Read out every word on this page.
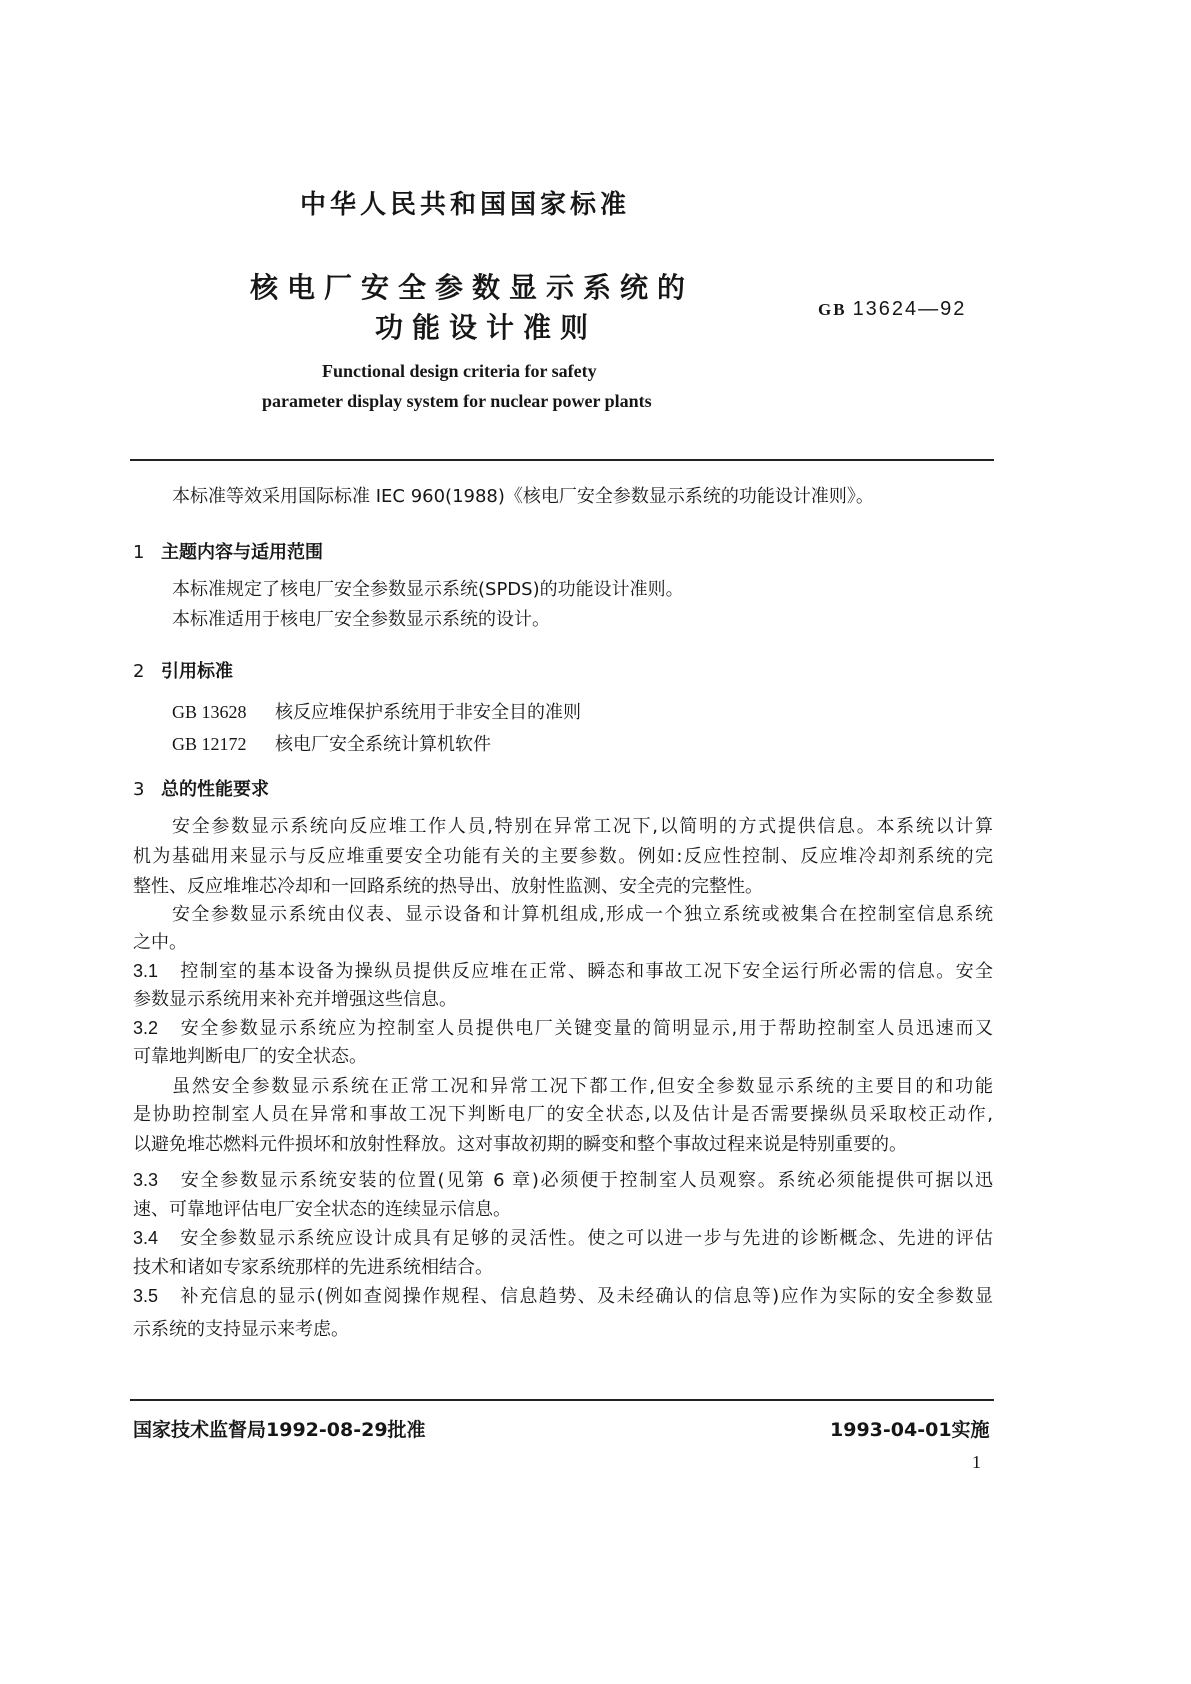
中华人民共和国国家标准
核电厂安全参数显示系统的
功能设计准则
GB 13624—92
Functional design criteria for safety
parameter display system for nuclear power plants
本标准等效采用国际标准 IEC 960(1988)《核电厂安全参数显示系统的功能设计准则》。
1 主题内容与适用范围
本标准规定了核电厂安全参数显示系统(SPDS)的功能设计准则。
本标准适用于核电厂安全参数显示系统的设计。
2 引用标准
GB 13628 核反应堆保护系统用于非安全目的准则
GB 12172 核电厂安全系统计算机软件
3 总的性能要求
安全参数显示系统向反应堆工作人员,特别在异常工况下,以简明的方式提供信息。本系统以计算
机为基础用来显示与反应堆重要安全功能有关的主要参数。例如:反应性控制、反应堆冷却剂系统的完
整性、反应堆堆芯冷却和一回路系统的热导出、放射性监测、安全壳的完整性。
安全参数显示系统由仪表、显示设备和计算机组成,形成一个独立系统或被集合在控制室信息系统
之中。
3.1 控制室的基本设备为操纵员提供反应堆在正常、瞬态和事故工况下安全运行所必需的信息。安全
参数显示系统用来补充并增强这些信息。
3.2 安全参数显示系统应为控制室人员提供电厂关键变量的简明显示,用于帮助控制室人员迅速而又
可靠地判断电厂的安全状态。
虽然安全参数显示系统在正常工况和异常工况下都工作,但安全参数显示系统的主要目的和功能
是协助控制室人员在异常和事故工况下判断电厂的安全状态,以及估计是否需要操纵员采取校正动作,
以避免堆芯燃料元件损坏和放射性释放。这对事故初期的瞬变和整个事故过程来说是特别重要的。
3.3 安全参数显示系统安装的位置(见第 6 章)必须便于控制室人员观察。系统必须能提供可据以迅
速、可靠地评估电厂安全状态的连续显示信息。
3.4 安全参数显示系统应设计成具有足够的灵活性。使之可以进一步与先进的诊断概念、先进的评估
技术和诸如专家系统那样的先进系统相结合。
3.5 补充信息的显示(例如查阅操作规程、信息趋势、及未经确认的信息等)应作为实际的安全参数显
示系统的支持显示来考虑。
国家技术监督局1992-08-29批准	1993-04-01实施
1
